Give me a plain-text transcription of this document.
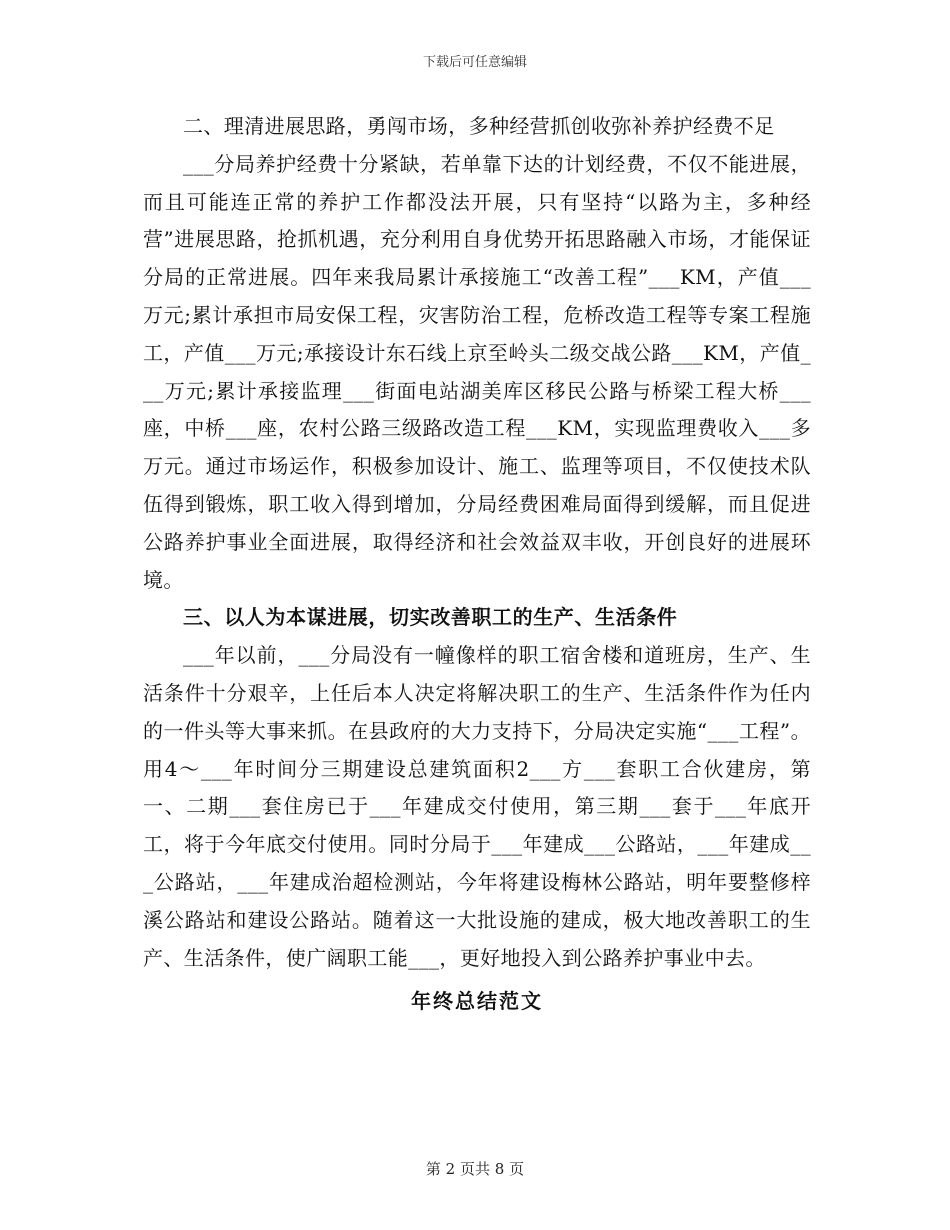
下载后可任意编辑

二、理清进展思路，勇闯市场，多种经营抓创收弥补养护经费不足

___分局养护经费十分紧缺，若单靠下达的计划经费，不仅不能进展，而且可能连正常的养护工作都没法开展，只有坚持“以路为主，多种经营”进展思路，抢抓机遇，充分利用自身优势开拓思路融入市场，才能保证分局的正常进展。四年来我局累计承接施工“改善工程”___KM，产值___万元;累计承担市局安保工程，灾害防治工程，危桥改造工程等专案工程施工，产值___万元;承接设计东石线上京至岭头二级交战公路___KM，产值___万元;累计承接监理___街面电站湖美库区移民公路与桥梁工程大桥___座，中桥___座，农村公路三级路改造工程___KM，实现监理费收入___多万元。通过市场运作，积极参加设计、施工、监理等项目，不仅使技术队伍得到锻炼，职工收入得到增加，分局经费困难局面得到缓解，而且促进公路养护事业全面进展，取得经济和社会效益双丰收，开创良好的进展环境。

三、以人为本谋进展，切实改善职工的生产、生活条件

___年以前，___分局没有一幢像样的职工宿舍楼和道班房，生产、生活条件十分艰辛，上任后本人决定将解决职工的生产、生活条件作为任内的一件头等大事来抓。在县政府的大力支持下，分局决定实施“___工程”。用4～___年时间分三期建设总建筑面积2___方___套职工合伙建房，第一、二期___套住房已于___年建成交付使用，第三期___套于___年底开工，将于今年底交付使用。同时分局于___年建成___公路站，___年建成___公路站，___年建成治超检测站，今年将建设梅林公路站，明年要整修梓溪公路站和建设公路站。随着这一大批设施的建成，极大地改善职工的生产、生活条件，使广阔职工能___，更好地投入到公路养护事业中去。

年终总结范文

第 2 页共 8 页
